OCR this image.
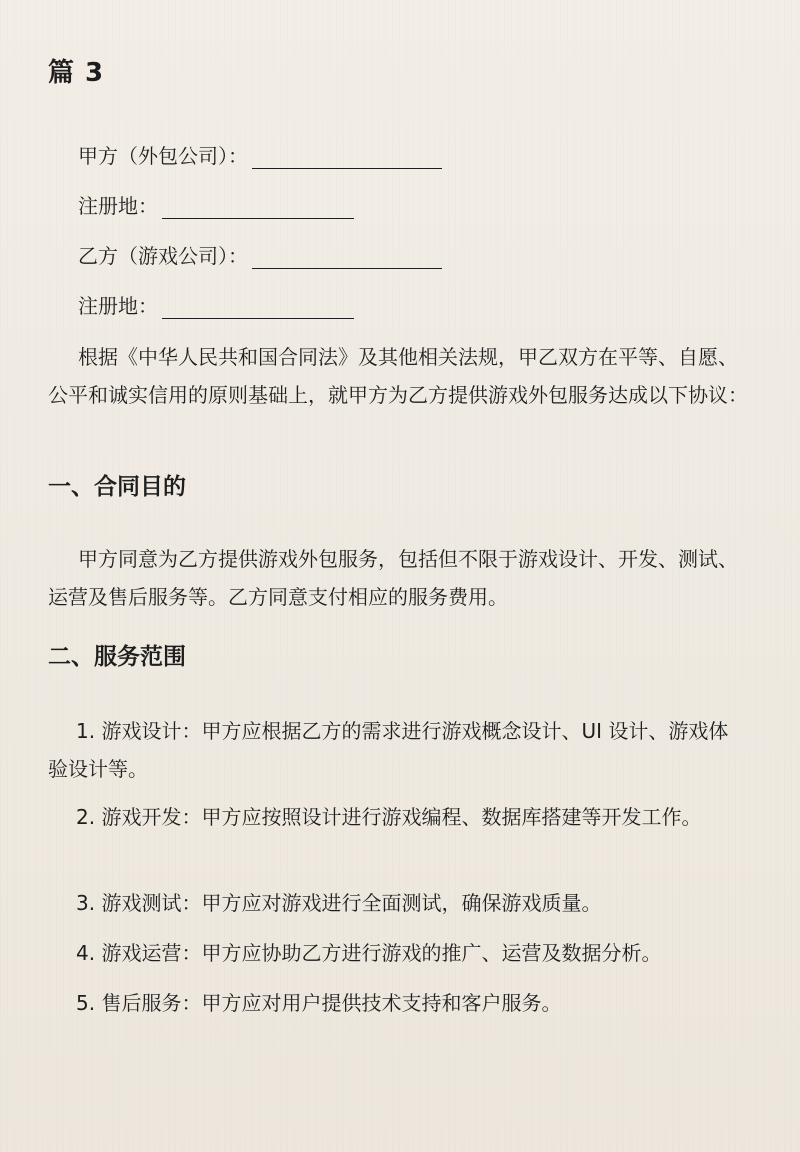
篇 3
甲方（外包公司）：
注册地：
乙方（游戏公司）：
注册地：

根据《中华人民共和国合同法》及其他相关法规，甲乙双方在平等、自愿、公平和诚实信用的原则基础上，就甲方为乙方提供游戏外包服务达成以下协议：

一、合同目的

甲方同意为乙方提供游戏外包服务，包括但不限于游戏设计、开发、测试、运营及售后服务等。乙方同意支付相应的服务费用。

二、服务范围

1. 游戏设计：甲方应根据乙方的需求进行游戏概念设计、UI 设计、游戏体验设计等。

2. 游戏开发：甲方应按照设计进行游戏编程、数据库搭建等开发工作。

3. 游戏测试：甲方应对游戏进行全面测试，确保游戏质量。

4. 游戏运营：甲方应协助乙方进行游戏的推广、运营及数据分析。

5. 售后服务：甲方应对用户提供技术支持和客户服务。
